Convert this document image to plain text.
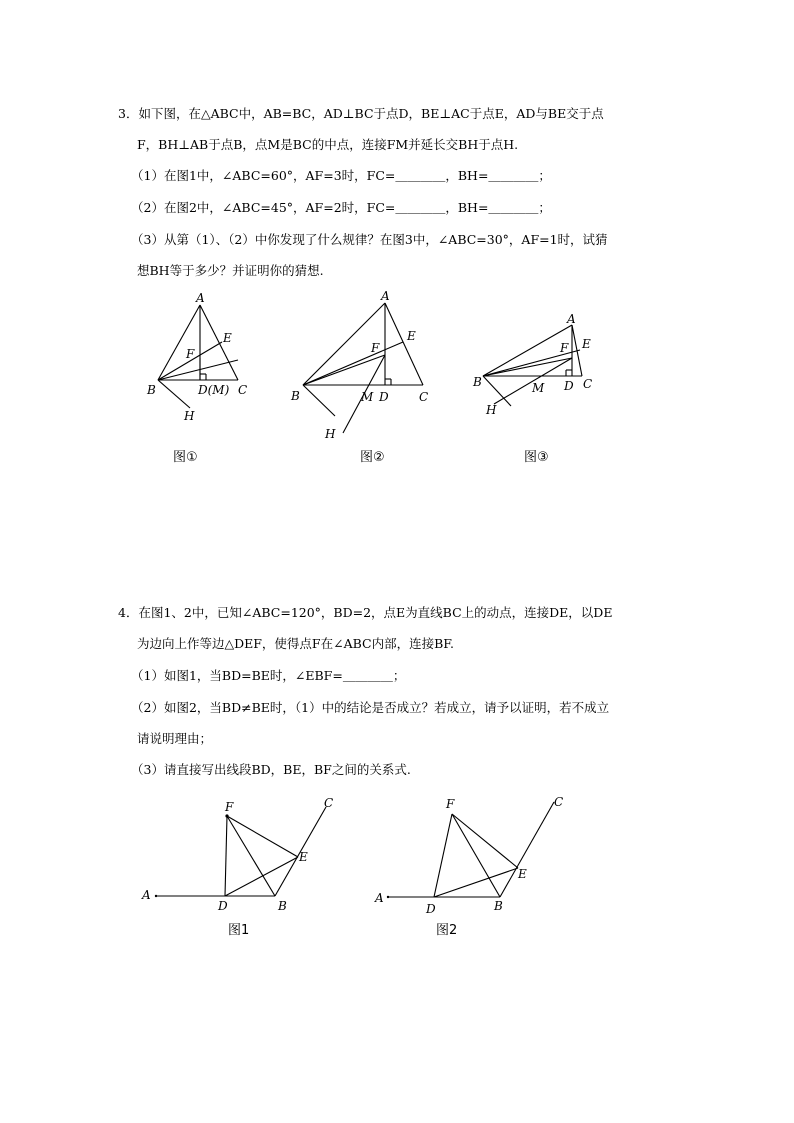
3．如下图，在△ABC中，AB=BC，AD⊥BC于点D，BE⊥AC于点E，AD与BE交于点
F，BH⊥AB于点B，点M是BC的中点，连接FM并延长交BH于点H.
（1）在图1中，∠ABC=60°，AF=3时，FC=＿＿＿＿，BH=＿＿＿＿；
（2）在图2中，∠ABC=45°，AF=2时，FC=＿＿＿＿，BH=＿＿＿＿；
（3）从第（1）、（2）中你发现了什么规律？在图3中，∠ABC=30°，AF=1时，试猜
想BH等于多少？并证明你的猜想.
A
E
F
B	D(M) C
H
图①
A
E
F
B	M D	C
H
图②
A
F E
B	M D C
H
图③
4．在图1、2中，已知∠ABC=120°，BD=2，点E为直线BC上的动点，连接DE，以DE
为边向上作等边△DEF，使得点F在∠ABC内部，连接BF.
（1）如图1，当BD=BE时，∠EBF=＿＿＿＿；
（2）如图2，当BD≠BE时，（1）中的结论是否成立？若成立，请予以证明，若不成立
请说明理由；
（3）请直接写出线段BD，BE，BF之间的关系式.
F	C
E
A
D	B
图1
F	C
E
A
D	B
图2
